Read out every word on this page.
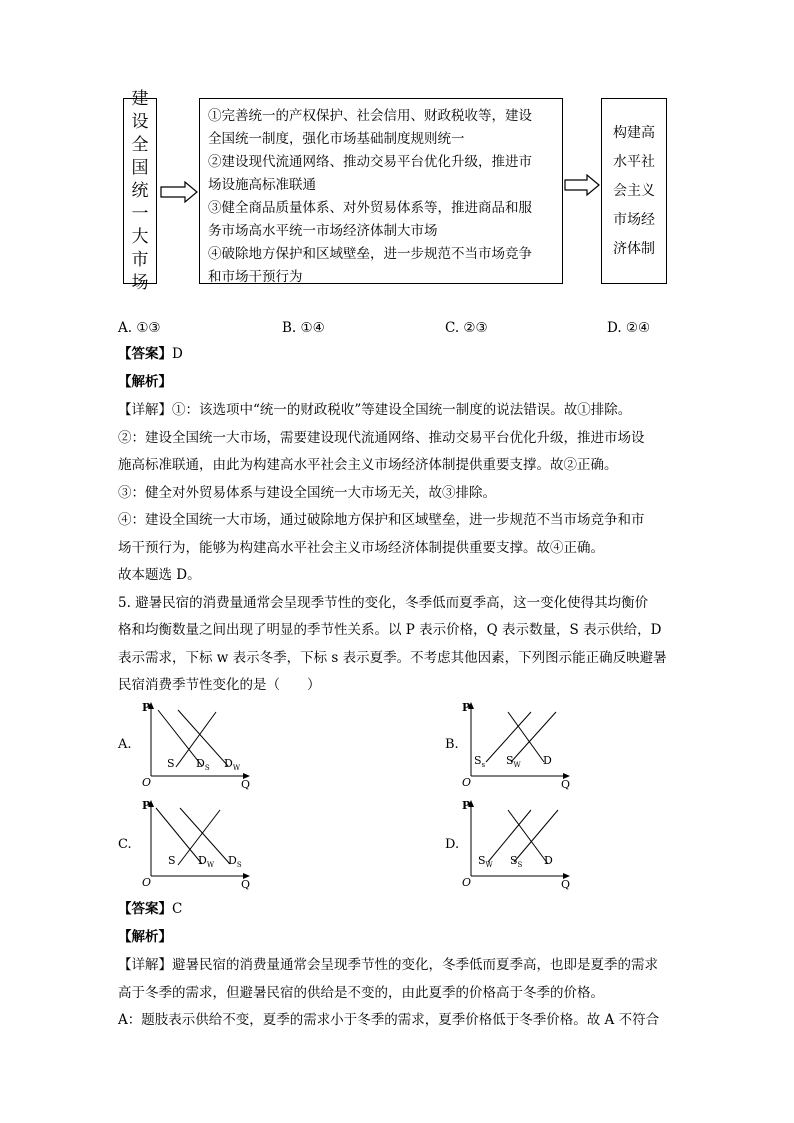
建
设
全
国
统
一
大
市
场
①完善统一的产权保护、社会信用、财政税收等，建设
全国统一制度，强化市场基础制度规则统一
②建设现代流通网络、推动交易平台优化升级，推进市
场设施高标准联通
③健全商品质量体系、对外贸易体系等，推进商品和服
务市场高水平统一市场经济体制大市场
④破除地方保护和区域壁垒，进一步规范不当市场竞争
和市场干预行为
构建高
水平社
会主义
市场经
济体制
A. ①③	B. ①④	C. ②③	D. ②④
【答案】D
【解析】
【详解】①：该选项中“统一的财政税收”等建设全国统一制度的说法错误。故①排除。
②：建设全国统一大市场，需要建设现代流通网络、推动交易平台优化升级，推进市场设
施高标准联通，由此为构建高水平社会主义市场经济体制提供重要支撑。故②正确。
③：健全对外贸易体系与建设全国统一大市场无关，故③排除。
④：建设全国统一大市场，通过破除地方保护和区域壁垒，进一步规范不当市场竞争和市
场干预行为，能够为构建高水平社会主义市场经济体制提供重要支撑。故④正确。
故本题选 D。
5. 避暑民宿的消费量通常会呈现季节性的变化，冬季低而夏季高，这一变化使得其均衡价
格和均衡数量之间出现了明显的季节性关系。以 P 表示价格，Q 表示数量，S 表示供给，D
表示需求，下标 w 表示冬季，下标 s 表示夏季。不考虑其他因素，下列图示能正确反映避暑
民宿消费季节性变化的是（　　）
A.
P
O	Q
S $D_S$ $D_W$
B.
P
O	Q
$S_s$ $S_W$ D
C.
P
O	Q
S $D_W$ $D_S$
D.
P
O	Q
$S_W$ $S_S$ D
【答案】C
【解析】
【详解】避暑民宿的消费量通常会呈现季节性的变化，冬季低而夏季高，也即是夏季的需求
高于冬季的需求，但避暑民宿的供给是不变的，由此夏季的价格高于冬季的价格。
A：题肢表示供给不变，夏季的需求小于冬季的需求，夏季价格低于冬季价格。故 A 不符合
